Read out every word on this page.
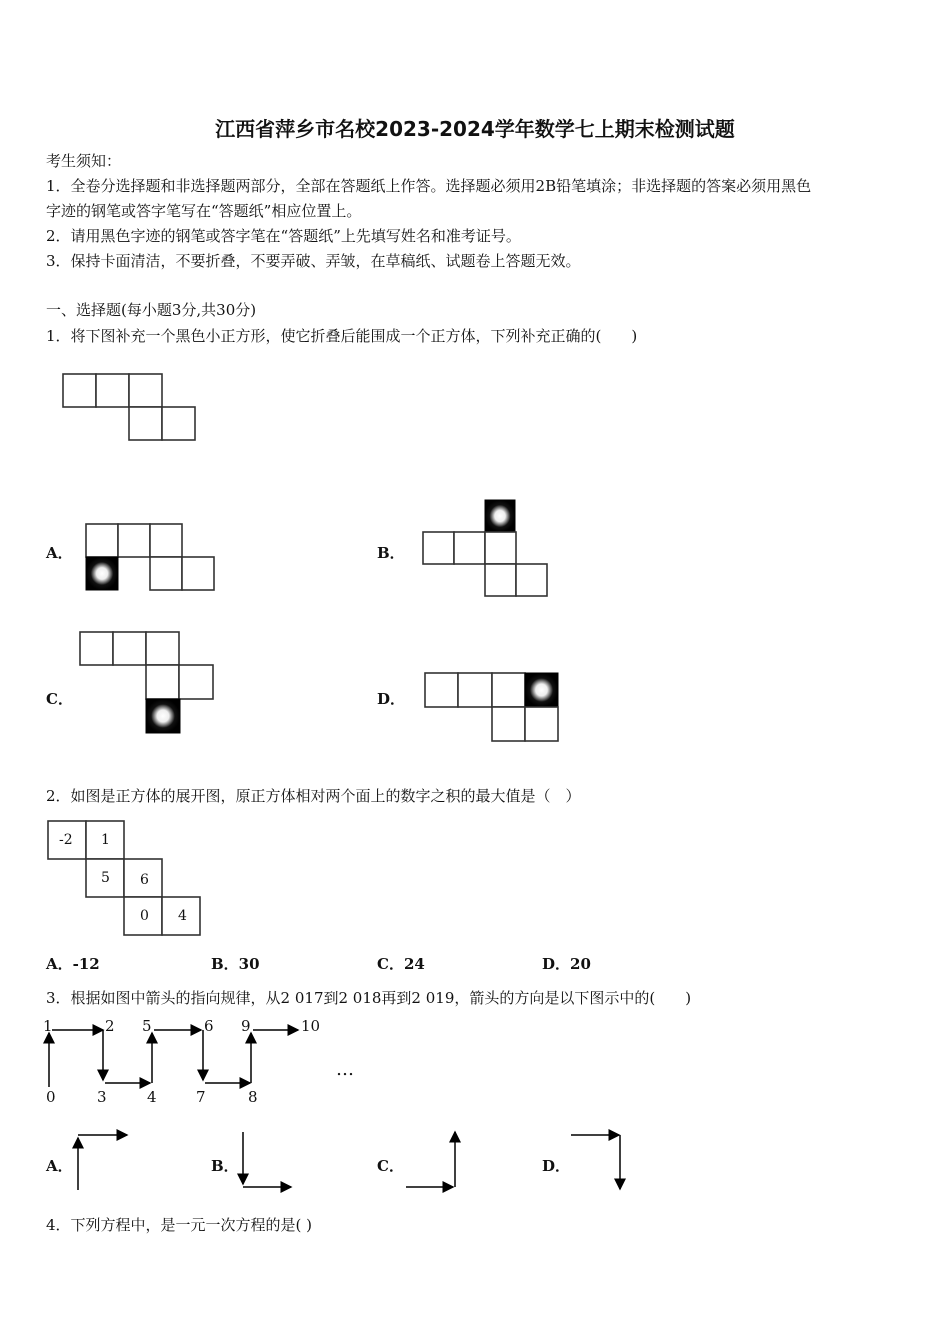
江西省萍乡市名校2023-2024学年数学七上期末检测试题
考生须知：
1．全卷分选择题和非选择题两部分，全部在答题纸上作答。选择题必须用2B铅笔填涂；非选择题的答案必须用黑色
字迹的钢笔或答字笔写在“答题纸”相应位置上。
2．请用黑色字迹的钢笔或答字笔在“答题纸”上先填写姓名和准考证号。
3．保持卡面清洁，不要折叠，不要弄破、弄皱，在草稿纸、试题卷上答题无效。
一、选择题(每小题3分,共30分)
1．将下图补充一个黑色小正方形，使它折叠后能围成一个正方体，下列补充正确的(　　)
A．	B．
C．	D．
2．如图是正方体的展开图，原正方体相对两个面上的数字之积的最大值是（　）
-2 1
5 6
0 4
A．-12	B．30	C．24	D．20
3．根据如图中箭头的指向规律，从2 017到2 018再到2 019，箭头的方向是以下图示中的(　　)
0
1	2
3	4
5	6
7	8
9	10
…
A．	B．	C．	D．
4．下列方程中，是一元一次方程的是( )
